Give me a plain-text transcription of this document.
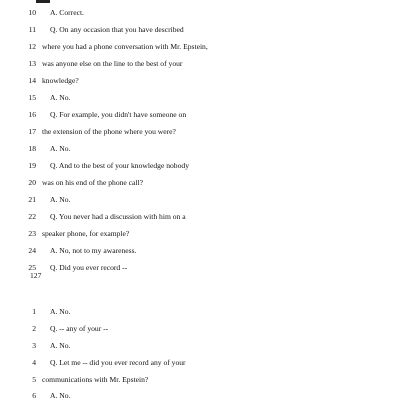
10 A. Correct.
11 Q. On any occasion that you have described
12 where you had a phone conversation with Mr. Epstein,
13 was anyone else on the line to the best of your
14 knowledge?
15 A. No.
16 Q. For example, you didn't have someone on
17 the extension of the phone where you were?
18 A. No.
19 Q. And to the best of your knowledge nobody
20 was on his end of the phone call?
21 A. No.
22 Q. You never had a discussion with him on a
23 speaker phone, for example?
24 A. No, not to my awareness.
25 Q. Did you ever record --
127
1 A. No.
2 Q. -- any of your --
3 A. No.
4 Q. Let me -- did you ever record any of your
5 communications with Mr. Epstein?
6 A. No.
